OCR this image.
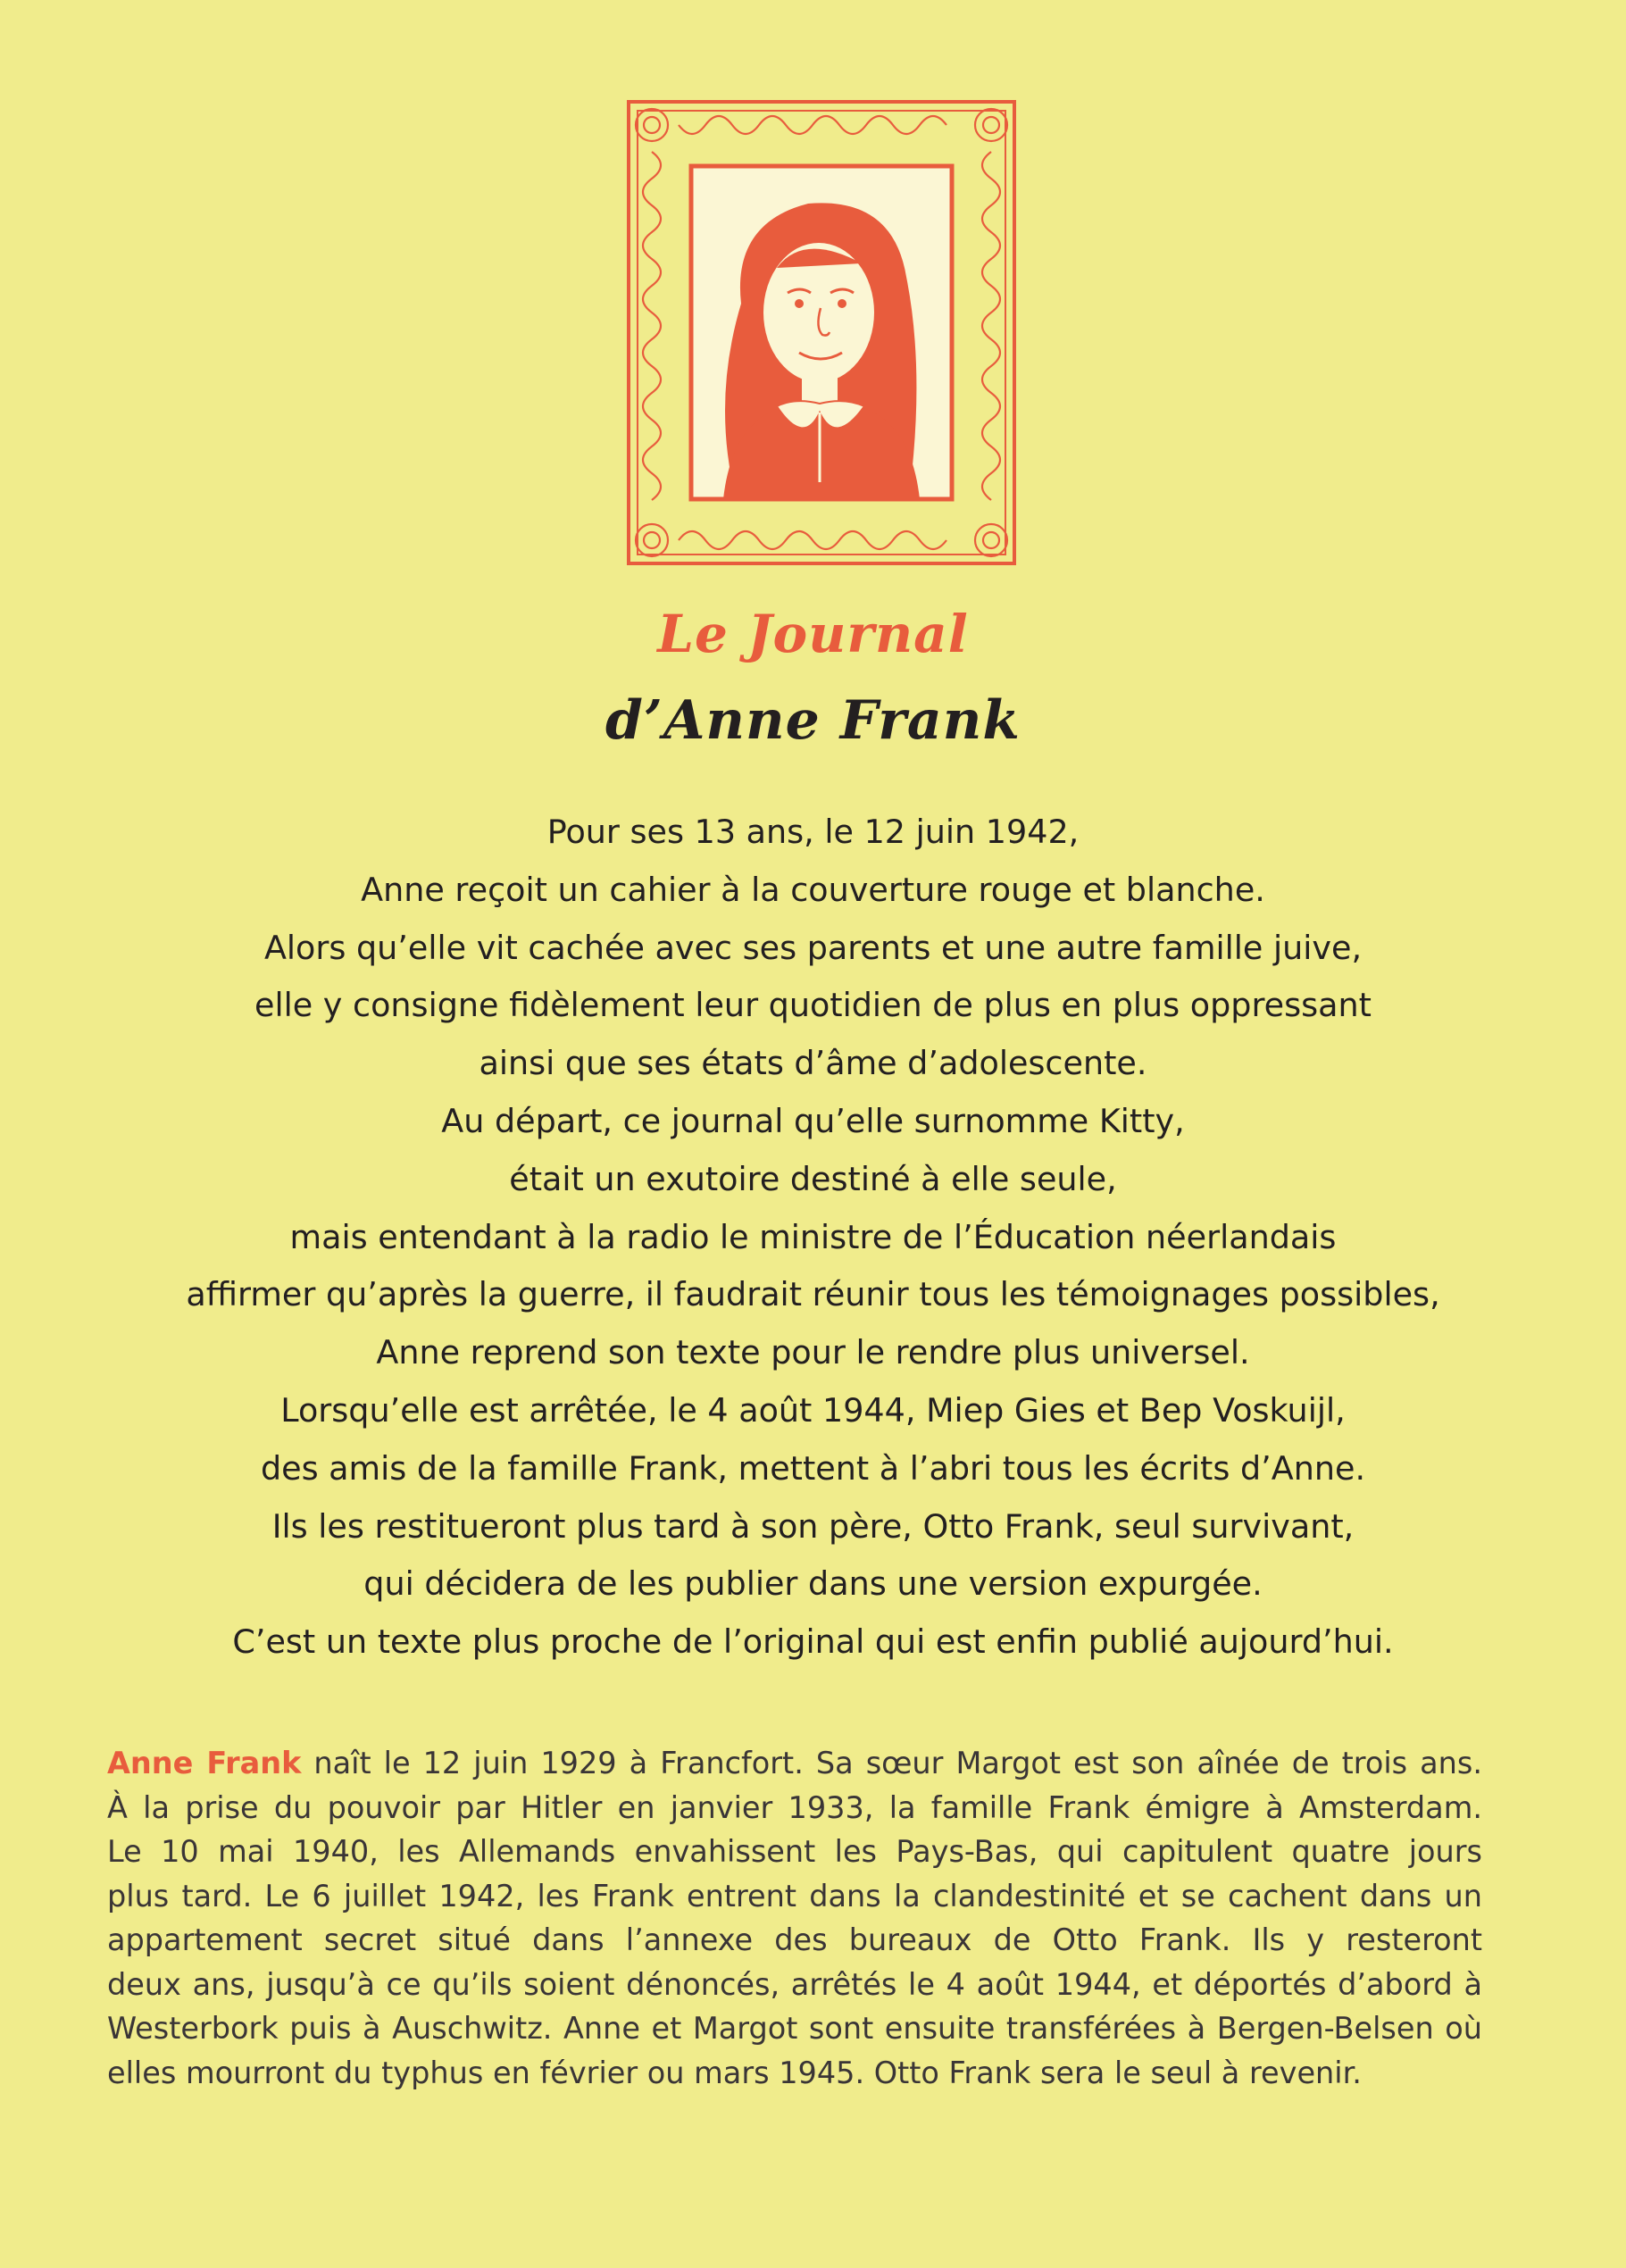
Le Journal
d’Anne Frank
Pour ses 13 ans, le 12 juin 1942,
Anne reçoit un cahier à la couverture rouge et blanche.
Alors qu’elle vit cachée avec ses parents et une autre famille juive,
elle y consigne fidèlement leur quotidien de plus en plus oppressant
ainsi que ses états d’âme d’adolescente.
Au départ, ce journal qu’elle surnomme Kitty,
était un exutoire destiné à elle seule,
mais entendant à la radio le ministre de l’Éducation néerlandais
affirmer qu’après la guerre, il faudrait réunir tous les témoignages possibles,
Anne reprend son texte pour le rendre plus universel.
Lorsqu’elle est arrêtée, le 4 août 1944, Miep Gies et Bep Voskuijl,
des amis de la famille Frank, mettent à l’abri tous les écrits d’Anne.
Ils les restitueront plus tard à son père, Otto Frank, seul survivant,
qui décidera de les publier dans une version expurgée.
C’est un texte plus proche de l’original qui est enfin publié aujourd’hui.
Anne Frank naît le 12 juin 1929 à Francfort. Sa sœur Margot est son aînée de trois ans.
À la prise du pouvoir par Hitler en janvier 1933, la famille Frank émigre à Amsterdam.
Le 10 mai 1940, les Allemands envahissent les Pays-Bas, qui capitulent quatre jours
plus tard. Le 6 juillet 1942, les Frank entrent dans la clandestinité et se cachent dans un
appartement secret situé dans l’annexe des bureaux de Otto Frank. Ils y resteront
deux ans, jusqu’à ce qu’ils soient dénoncés, arrêtés le 4 août 1944, et déportés d’abord à
Westerbork puis à Auschwitz. Anne et Margot sont ensuite transférées à Bergen-Belsen où
elles mourront du typhus en février ou mars 1945. Otto Frank sera le seul à revenir.
